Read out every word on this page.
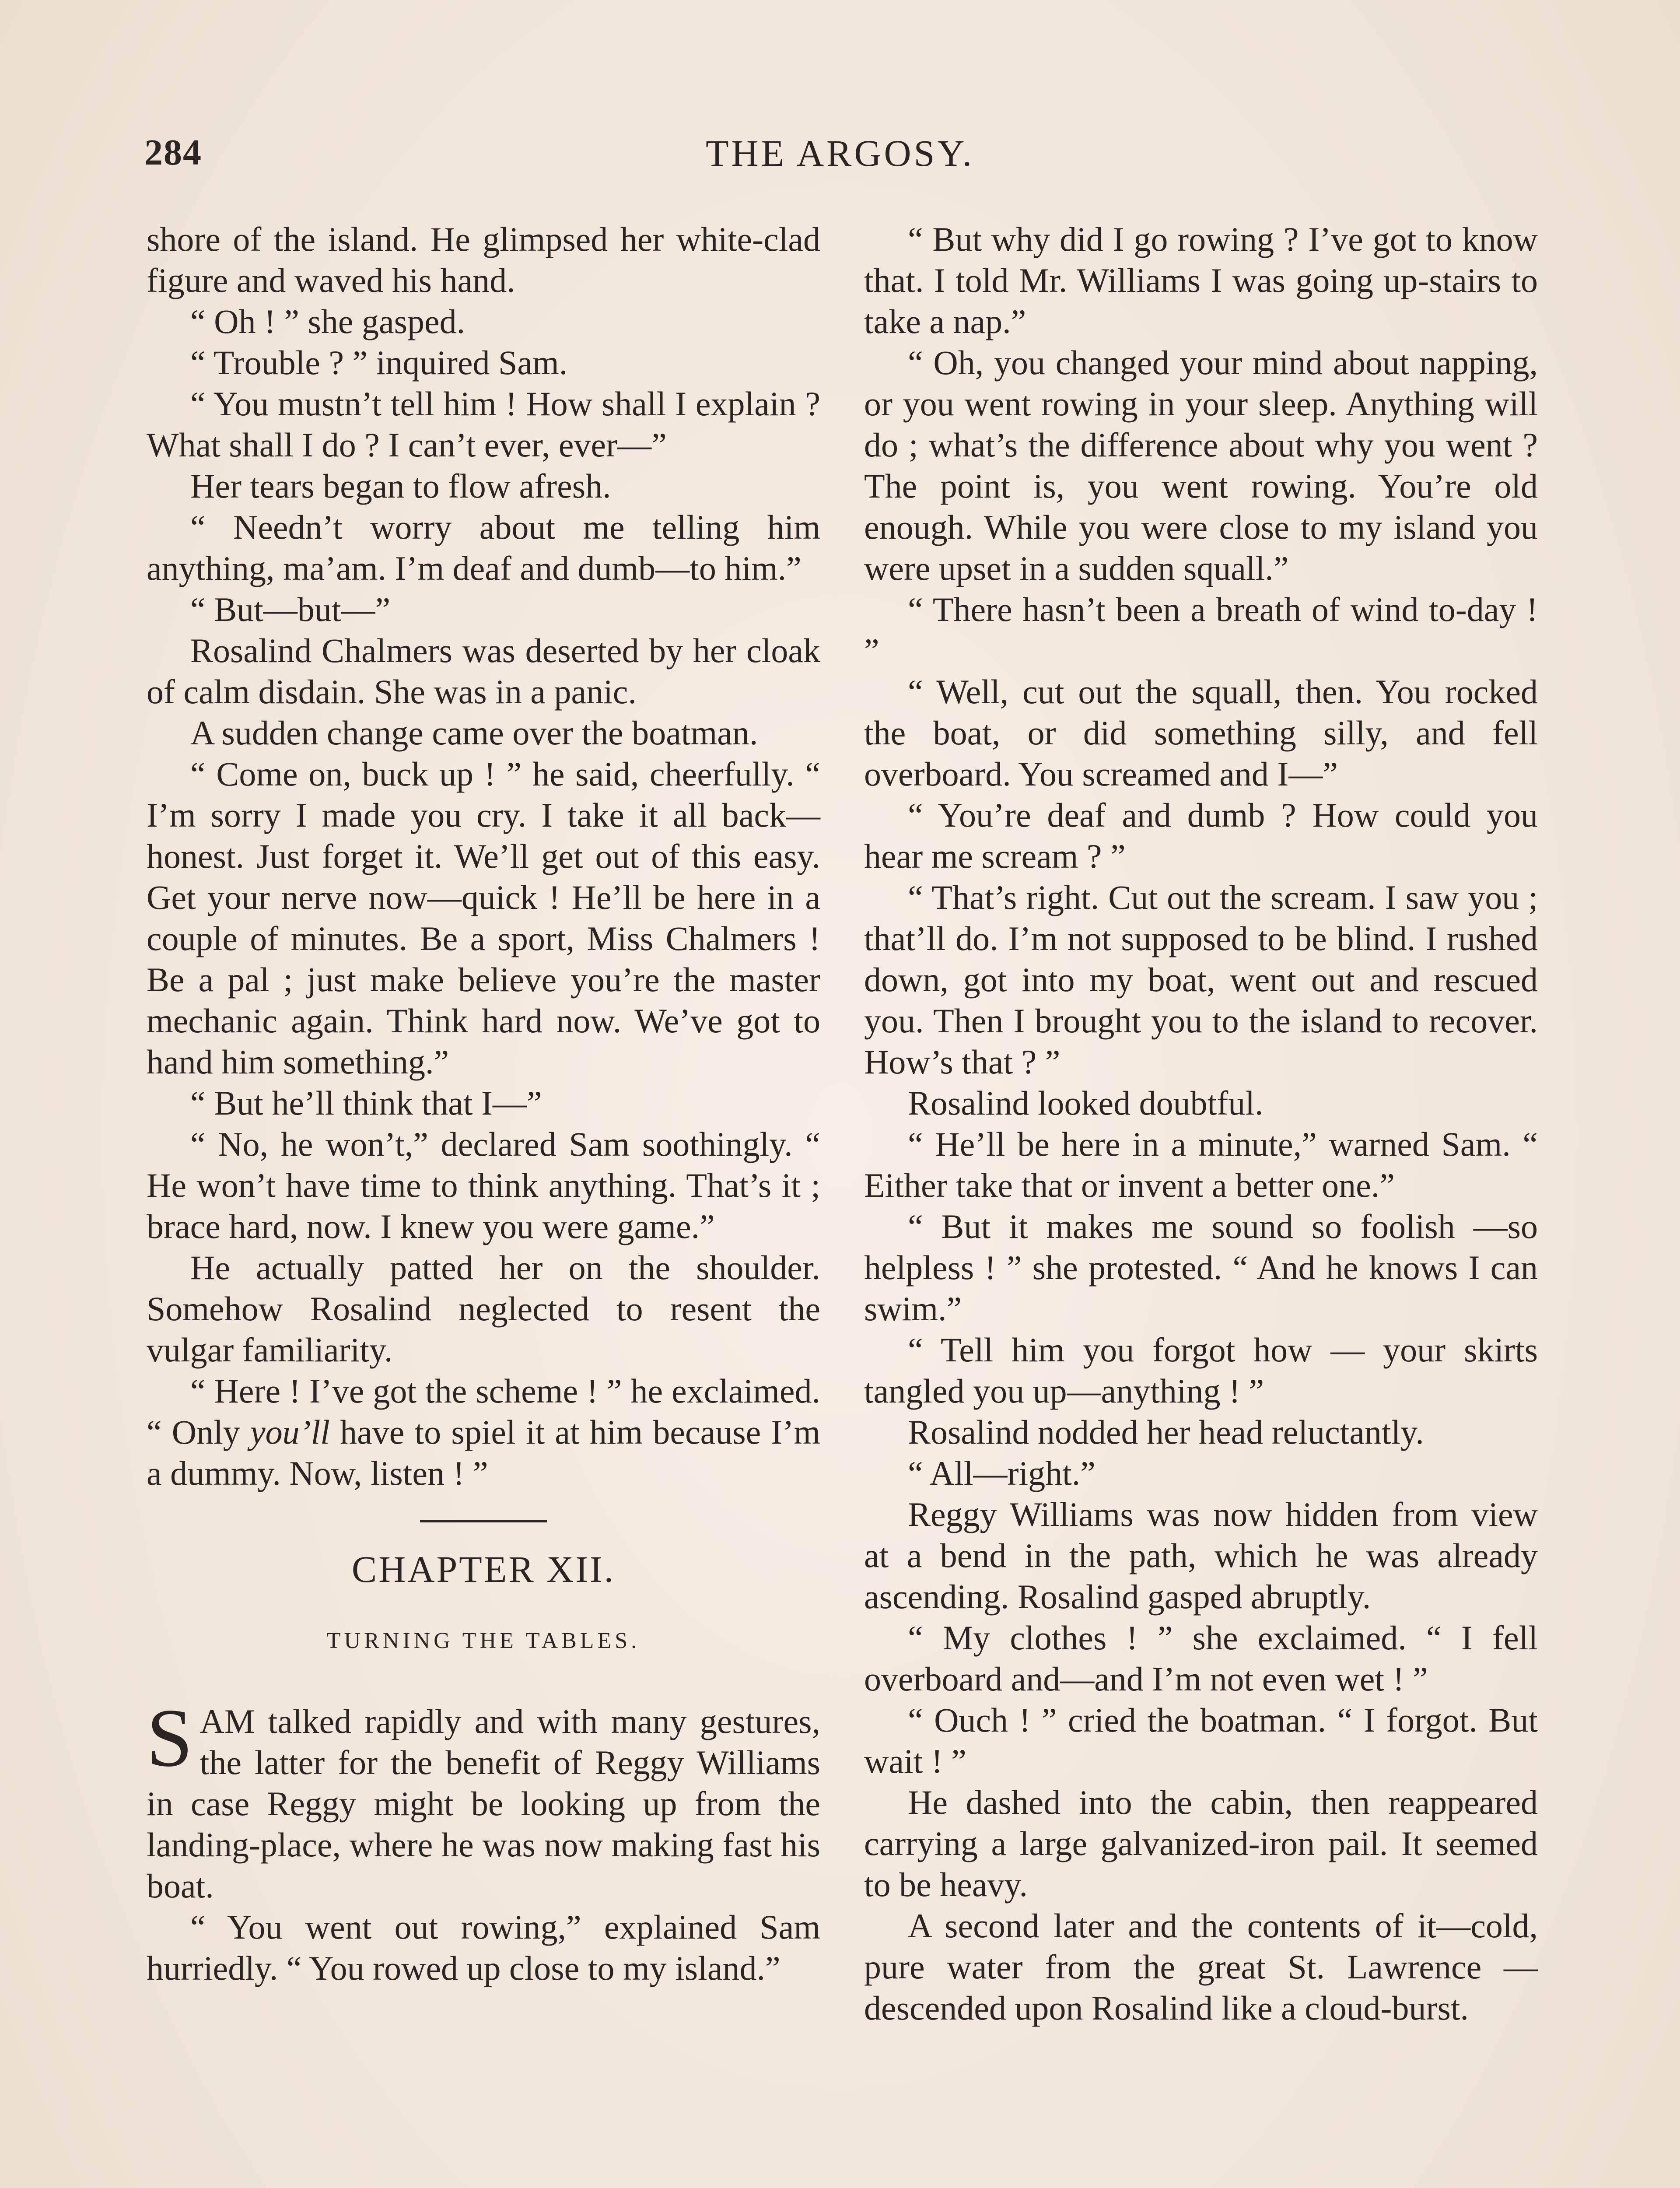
284	THE ARGOSY.

shore of the island. He glimpsed her white-clad figure and waved his hand.

“ Oh ! ” she gasped.

“ Trouble ? ” inquired Sam.

“ You mustn’t tell him ! How shall I explain ? What shall I do ? I can’t ever, ever—”

Her tears began to flow afresh.

“ Needn’t worry about me telling him anything, ma’am. I’m deaf and dumb—to him.”

“ But—but—”

Rosalind Chalmers was deserted by her cloak of calm disdain. She was in a panic.

A sudden change came over the boatman.

“ Come on, buck up ! ” he said, cheerfully. “ I’m sorry I made you cry. I take it all back—honest. Just forget it. We’ll get out of this easy. Get your nerve now—quick ! He’ll be here in a couple of minutes. Be a sport, Miss Chalmers ! Be a pal ; just make believe you’re the master mechanic again. Think hard now. We’ve got to hand him something.”

“ But he’ll think that I—”

“ No, he won’t,” declared Sam soothingly. “ He won’t have time to think anything. That’s it ; brace hard, now. I knew you were game.”

He actually patted her on the shoulder. Somehow Rosalind neglected to resent the vulgar familiarity.

“ Here ! I’ve got the scheme ! ” he exclaimed. “ Only you’ll have to spiel it at him because I’m a dummy. Now, listen ! ”

CHAPTER XII.
TURNING THE TABLES.

SAM talked rapidly and with many gestures, the latter for the benefit of Reggy Williams in case Reggy might be looking up from the landing-place, where he was now making fast his boat.

“ You went out rowing,” explained Sam hurriedly. “ You rowed up close to my island.”

“ But why did I go rowing ? I’ve got to know that. I told Mr. Williams I was going up-stairs to take a nap.”

“ Oh, you changed your mind about napping, or you went rowing in your sleep. Anything will do ; what’s the difference about why you went ? The point is, you went rowing. You’re old enough. While you were close to my island you were upset in a sudden squall.”

“ There hasn’t been a breath of wind to-day ! ”

“ Well, cut out the squall, then. You rocked the boat, or did something silly, and fell overboard. You screamed and I—”

“ You’re deaf and dumb ? How could you hear me scream ? ”

“ That’s right. Cut out the scream. I saw you ; that’ll do. I’m not supposed to be blind. I rushed down, got into my boat, went out and rescued you. Then I brought you to the island to recover. How’s that ? ”

Rosalind looked doubtful.

“ He’ll be here in a minute,” warned Sam. “ Either take that or invent a better one.”

“ But it makes me sound so foolish —so helpless ! ” she protested. “ And he knows I can swim.”

“ Tell him you forgot how — your skirts tangled you up—anything ! ”

Rosalind nodded her head reluctantly.

“ All—right.”

Reggy Williams was now hidden from view at a bend in the path, which he was already ascending. Rosalind gasped abruptly.

“ My clothes ! ” she exclaimed. “ I fell overboard and—and I’m not even wet ! ”

“ Ouch ! ” cried the boatman. “ I forgot. But wait ! ”

He dashed into the cabin, then reappeared carrying a large galvanized-iron pail. It seemed to be heavy.

A second later and the contents of it—cold, pure water from the great St. Lawrence — descended upon Rosalind like a cloud-burst.
